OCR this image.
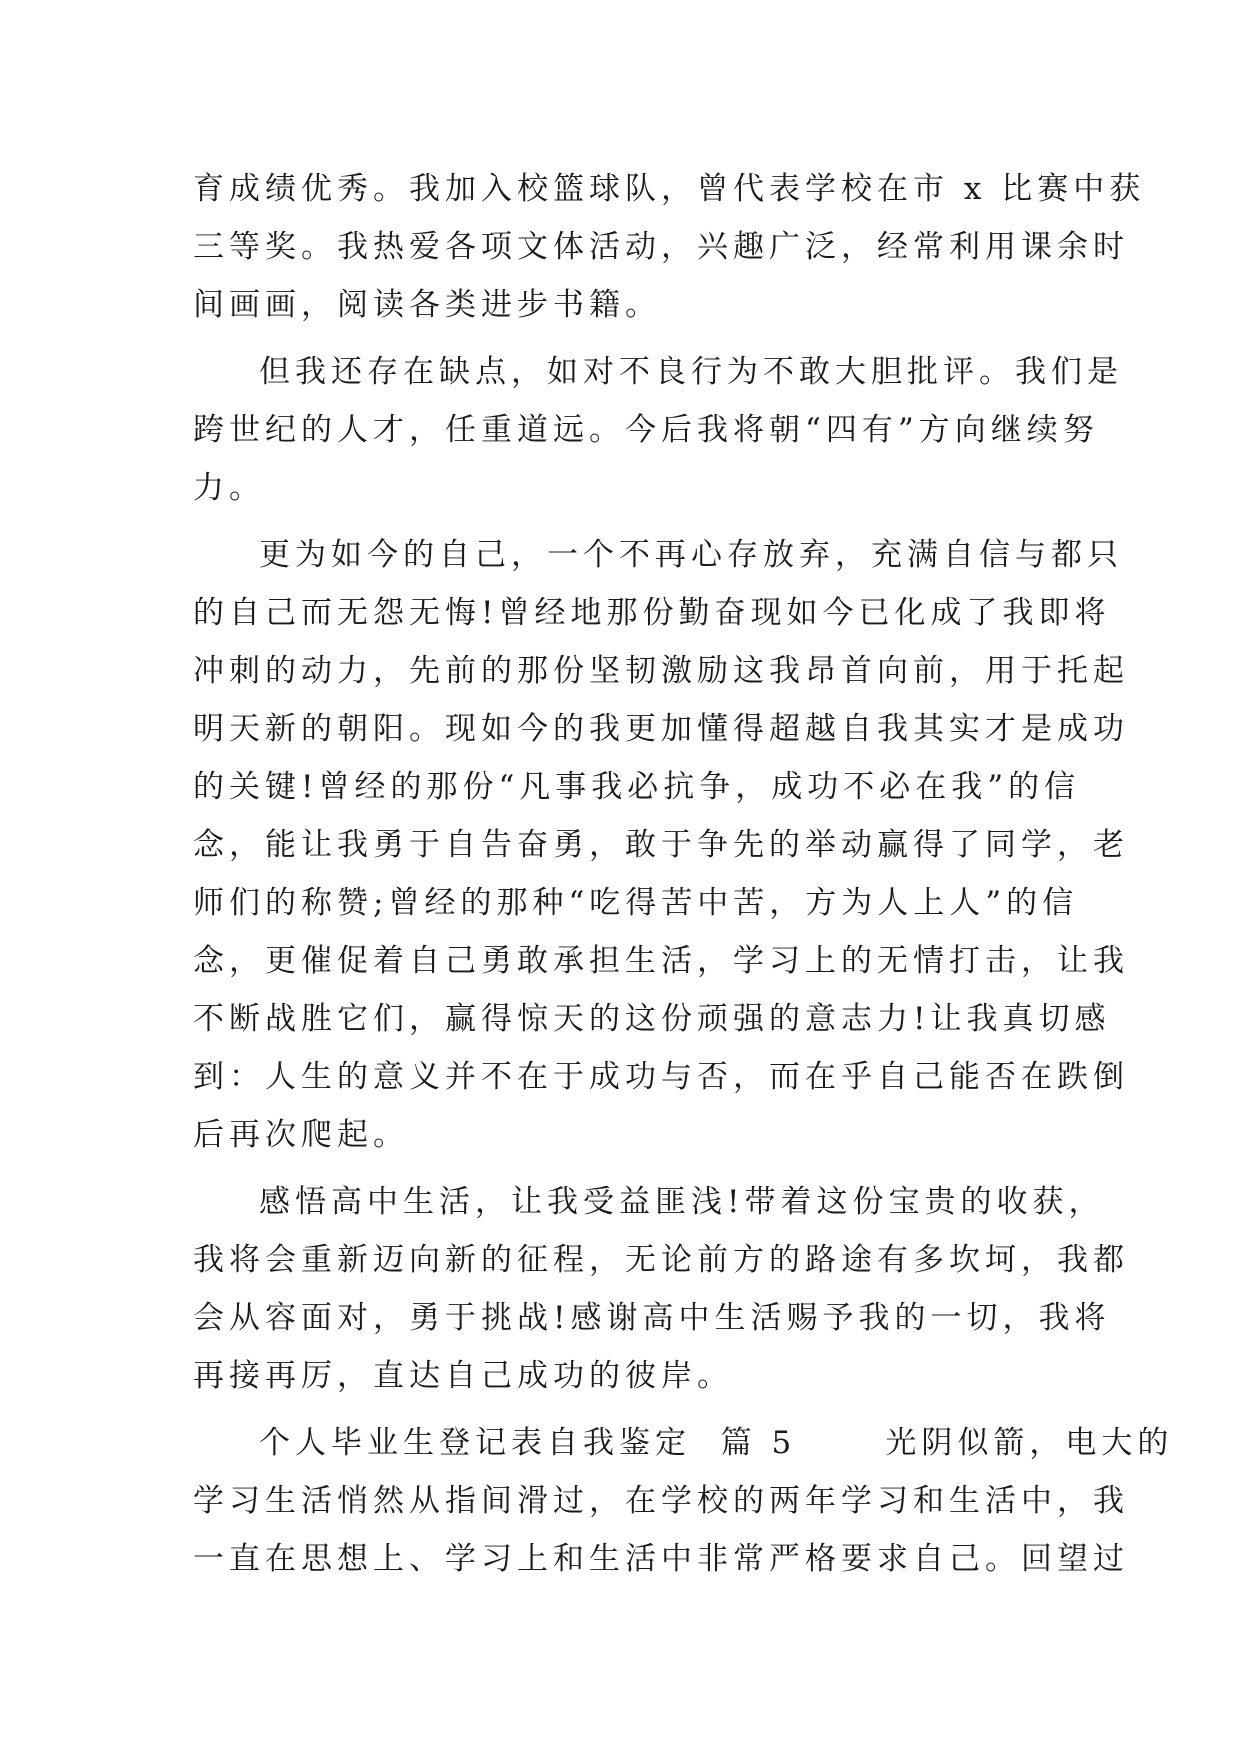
育成绩优秀。我加入校篮球队，曾代表学校在市 x 比赛中获
三等奖。我热爱各项文体活动，兴趣广泛，经常利用课余时
间画画，阅读各类进步书籍。
但我还存在缺点，如对不良行为不敢大胆批评。我们是
跨世纪的人才，任重道远。今后我将朝“四有”方向继续努
力。
更为如今的自己，一个不再心存放弃，充满自信与都只
的自己而无怨无悔!曾经地那份勤奋现如今已化成了我即将
冲刺的动力，先前的那份坚韧激励这我昂首向前，用于托起
明天新的朝阳。现如今的我更加懂得超越自我其实才是成功
的关键!曾经的那份“凡事我必抗争，成功不必在我”的信
念，能让我勇于自告奋勇，敢于争先的举动赢得了同学，老
师们的称赞;曾经的那种“吃得苦中苦，方为人上人”的信
念，更催促着自己勇敢承担生活，学习上的无情打击，让我
不断战胜它们，赢得惊天的这份顽强的意志力!让我真切感
到：人生的意义并不在于成功与否，而在乎自己能否在跌倒
后再次爬起。
感悟高中生活，让我受益匪浅!带着这份宝贵的收获，
我将会重新迈向新的征程，无论前方的路途有多坎坷，我都
会从容面对，勇于挑战!感谢高中生活赐予我的一切，我将
再接再厉，直达自己成功的彼岸。
个人毕业生登记表自我鉴定  篇 5      光阴似箭，电大的
学习生活悄然从指间滑过，在学校的两年学习和生活中，我
一直在思想上、学习上和生活中非常严格要求自己。回望过
